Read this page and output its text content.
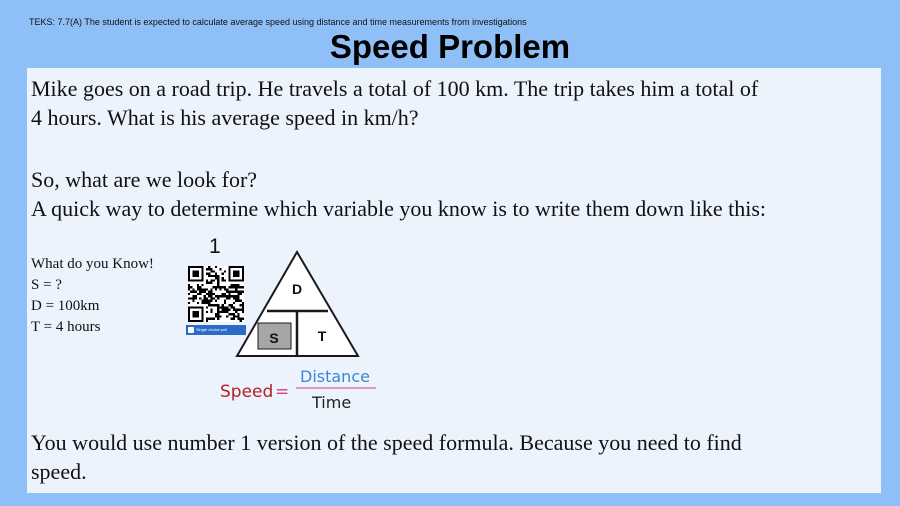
TEKS: 7.7(A) The student is expected to calculate average speed using distance and time measurements from investigations
Speed Problem
Mike goes on a road trip. He travels a total of 100 km. The trip takes him a total of
4 hours. What is his average speed in km/h?
So, what are we look for?
A quick way to determine which variable you know is to write them down like this:
What do you Know!
S = ?
D = 100km
T = 4 hours
1
Single choice poll
D
S	T
Speed =
Distance
Time
You would use number 1 version of the speed formula. Because you need to find
speed.
